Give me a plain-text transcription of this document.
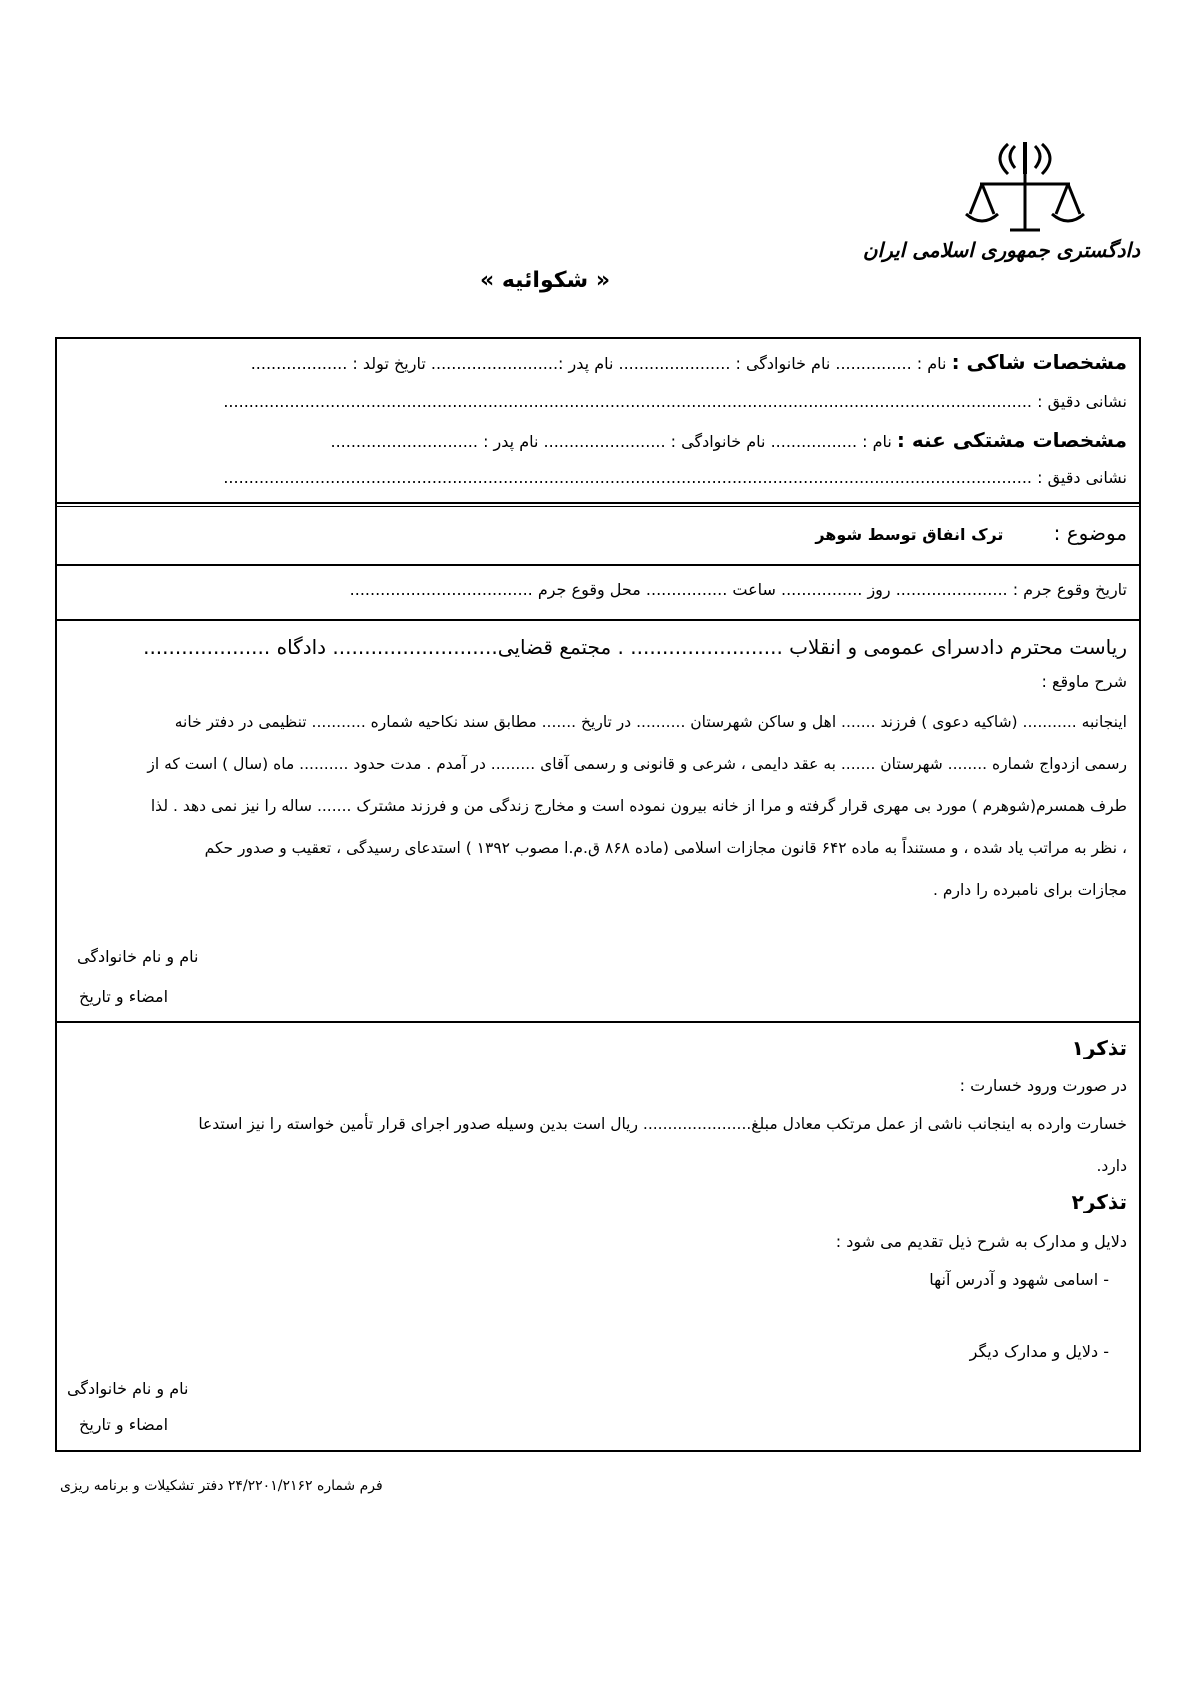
دادگستری جمهوری اسلامی ایران
« شکوائیه »
مشخصات شاکی : نام : ............... نام خانوادگی : ...................... نام پدر :......................... تاریخ تولد : ...................
نشانی دقیق : ...............................................................................................................................................................
مشخصات مشتکی عنه : نام : ................. نام خانوادگی : ........................ نام پدر : .............................
نشانی دقیق : ...............................................................................................................................................................
موضوع :  ترک انفاق توسط شوهر
تاریخ وقوع جرم : ...................... روز ................ ساعت ................ محل وقوع جرم ....................................
ریاست محترم دادسرای عمومی و انقلاب ........................ . مجتمع قضایی.......................... دادگاه ....................
شرح ماوقع :
اینجانبه ........... (شاکیه دعوی ) فرزند ....... اهل و ساکن شهرستان .......... در تاریخ ....... مطابق سند نکاحیه شماره ........... تنظیمی در دفتر خانه
رسمی ازدواج شماره ........ شهرستان ....... به عقد دایمی ، شرعی و قانونی و رسمی آقای ......... در آمدم . مدت حدود .......... ماه (سال ) است که از
طرف همسرم(شوهرم ) مورد بی مهری قرار گرفته و مرا از خانه بیرون نموده است و مخارج زندگی من و فرزند مشترک ....... ساله را نیز نمی دهد . لذا
، نظر به مراتب یاد شده ، و مستنداً به ماده ۶۴۲ قانون مجازات اسلامی (ماده ۸۶۸ ق.م.ا مصوب ۱۳۹۲ ) استدعای رسیدگی ، تعقیب و صدور حکم
مجازات برای نامبرده را دارم .
نام و نام خانوادگی
امضاء و تاریخ
تذکر۱
در صورت ورود خسارت :
خسارت وارده به اینجانب ناشی از عمل مرتکب معادل مبلغ...................... ریال است بدین وسیله صدور اجرای قرار تأمین خواسته را نیز استدعا
دارد.
تذکر۲
دلایل و مدارک به شرح ذیل تقدیم می شود :
- اسامی شهود و آدرس آنها
- دلایل و مدارک دیگر
نام و نام خانوادگی
امضاء و تاریخ
فرم شماره ۲۴/۲۲۰۱/۲۱۶۲ دفتر تشکیلات و برنامه ریزی
